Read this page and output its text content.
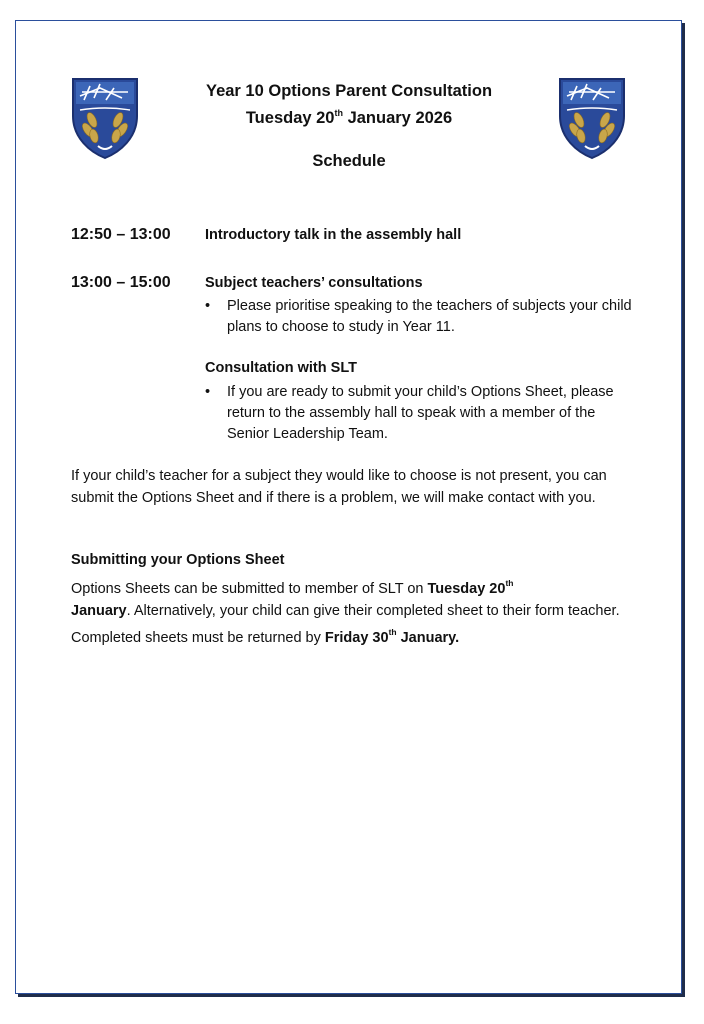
Year 10 Options Parent Consultation
Tuesday 20th January 2026
Schedule
12:50 – 13:00 Introductory talk in the assembly hall
13:00 – 15:00 Subject teachers’ consultations
• Please prioritise speaking to the teachers of subjects your child plans to choose to study in Year 11.
Consultation with SLT
• If you are ready to submit your child’s Options Sheet, please return to the assembly hall to speak with a member of the Senior Leadership Team.
If your child’s teacher for a subject they would like to choose is not present, you can submit the Options Sheet and if there is a problem, we will make contact with you.
Submitting your Options Sheet
Options Sheets can be submitted to member of SLT on Tuesday 20th
January. Alternatively, your child can give their completed sheet to their form teacher. Completed sheets must be returned by Friday 30th January.
